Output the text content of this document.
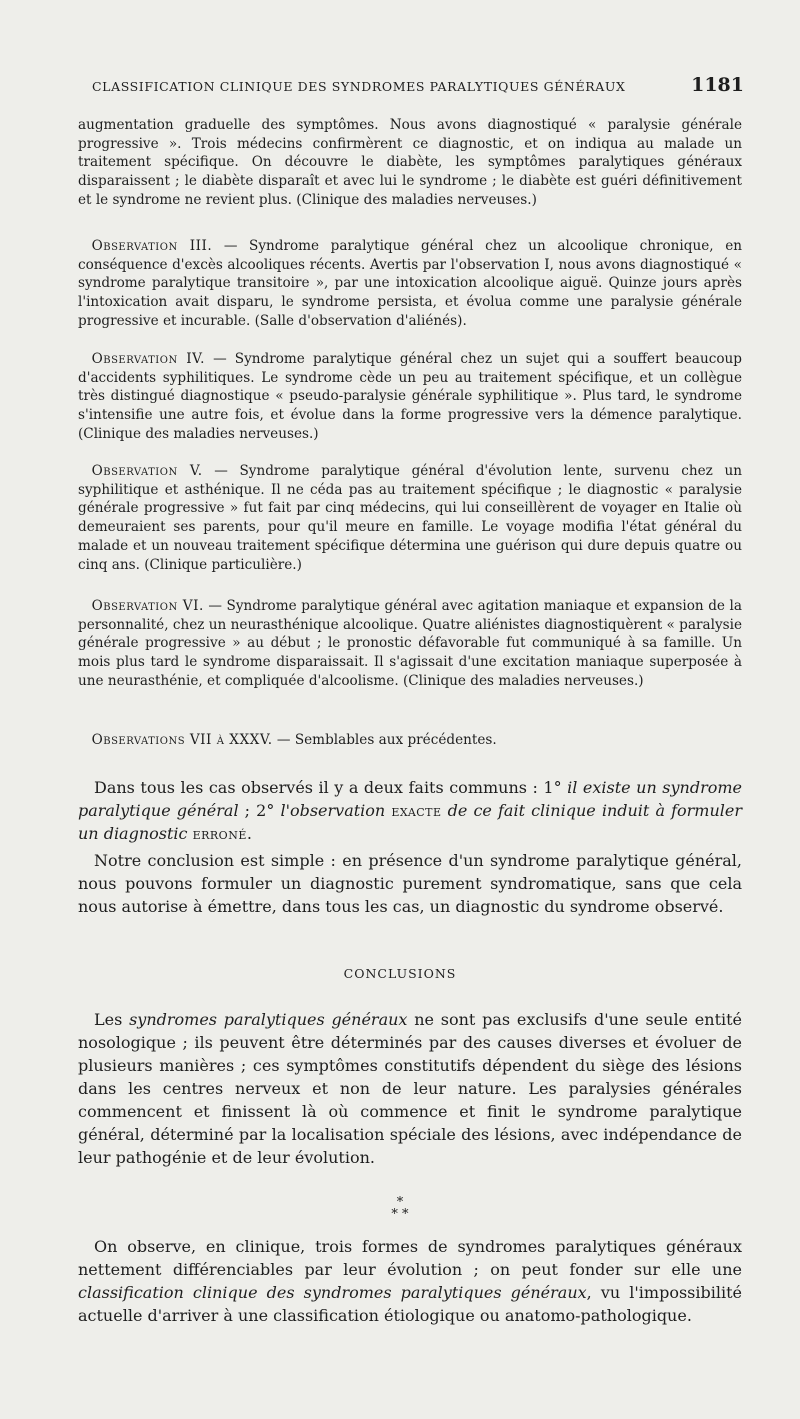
CLASSIFICATION CLINIQUE DES SYNDROMES PARALYTIQUES GÉNÉRAUX	1181

augmentation graduelle des symptômes. Nous avons diagnostiqué « paralysie générale progressive ». Trois médecins confirmèrent ce diagnostic, et on indiqua au malade un traitement spécifique. On découvre le diabète, les symptômes paralytiques généraux disparaissent ; le diabète disparaît et avec lui le syndrome ; le diabète est guéri définitivement et le syndrome ne revient plus. (Clinique des maladies nerveuses.)

 Observation III. — Syndrome paralytique général chez un alcoolique chronique, en conséquence d'excès alcooliques récents. Avertis par l'observation I, nous avons diagnostiqué « syndrome paralytique transitoire », par une intoxication alcoolique aiguë. Quinze jours après l'intoxication avait disparu, le syndrome persista, et évolua comme une paralysie générale progressive et incurable. (Salle d'observation d'aliénés).

 Observation IV. — Syndrome paralytique général chez un sujet qui a souffert beaucoup d'accidents syphilitiques. Le syndrome cède un peu au traitement spécifique, et un collègue très distingué diagnostique « pseudo-paralysie générale syphilitique ». Plus tard, le syndrome s'intensifie une autre fois, et évolue dans la forme progressive vers la démence paralytique. (Clinique des maladies nerveuses.)

 Observation V. — Syndrome paralytique général d'évolution lente, survenu chez un syphilitique et asthénique. Il ne céda pas au traitement spécifique ; le diagnostic « paralysie générale progressive » fut fait par cinq médecins, qui lui conseillèrent de voyager en Italie où demeuraient ses parents, pour qu'il meure en famille. Le voyage modifia l'état général du malade et un nouveau traitement spécifique détermina une guérison qui dure depuis quatre ou cinq ans. (Clinique particulière.)

 Observation VI. — Syndrome paralytique général avec agitation maniaque et expansion de la personnalité, chez un neurasthénique alcoolique. Quatre aliénistes diagnostiquèrent « paralysie générale progressive » au début ; le pronostic défavorable fut communiqué à sa famille. Un mois plus tard le syndrome disparaissait. Il s'agissait d'une excitation maniaque superposée à une neurasthénie, et compliquée d'alcoolisme. (Clinique des maladies nerveuses.)

 Observations VII à XXXV. — Semblables aux précédentes.

 Dans tous les cas observés il y a deux faits communs : 1° il existe un syndrome paralytique général ; 2° l'observation exacte de ce fait clinique induit à formuler un diagnostic erroné.

 Notre conclusion est simple : en présence d'un syndrome paralytique général, nous pouvons formuler un diagnostic purement syndromatique, sans que cela nous autorise à émettre, dans tous les cas, un diagnostic du syndrome observé.

CONCLUSIONS

 Les syndromes paralytiques généraux ne sont pas exclusifs d'une seule entité nosologique ; ils peuvent être déterminés par des causes diverses et évoluer de plusieurs manières ; ces symptômes constitutifs dépendent du siège des lésions dans les centres nerveux et non de leur nature. Les paralysies générales commencent et finissent là où commence et finit le syndrome paralytique général, déterminé par la localisation spéciale des lésions, avec indépendance de leur pathogénie et de leur évolution.

*
* *

 On observe, en clinique, trois formes de syndromes paralytiques généraux nettement différenciables par leur évolution ; on peut fonder sur elle une classification clinique des syndromes paralytiques généraux, vu l'impossibilité actuelle d'arriver à une classification étiologique ou anatomo-pathologique.
